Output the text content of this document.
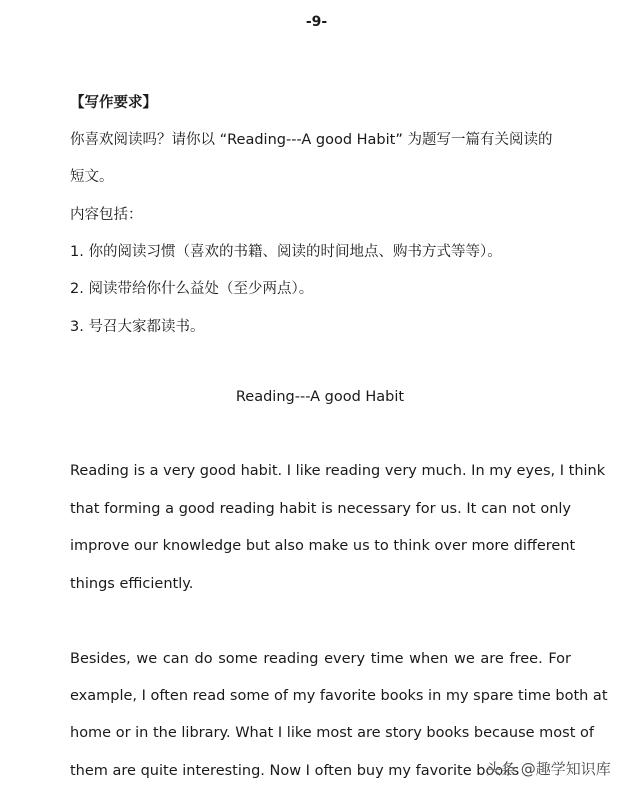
-9-
【写作要求】
你喜欢阅读吗？请你以 “Reading---A good Habit” 为题写一篇有关阅读的
短文。
内容包括：
1. 你的阅读习惯（喜欢的书籍、阅读的时间地点、购书方式等等）。
2. 阅读带给你什么益处（至少两点）。
3. 号召大家都读书。
Reading---A good Habit
Reading is a very good habit. I like reading very much. In my eyes, I think
that forming a good reading habit is necessary for us. It can not only
improve our knowledge but also make us to think over more different
things efficiently.
Besides, we can do some reading every time when we are free. For
example, I often read some of my favorite books in my spare time both at
home or in the library. What I like most are story books because most of
them are quite interesting. Now I often buy my favorite books
头条 @趣学知识库
